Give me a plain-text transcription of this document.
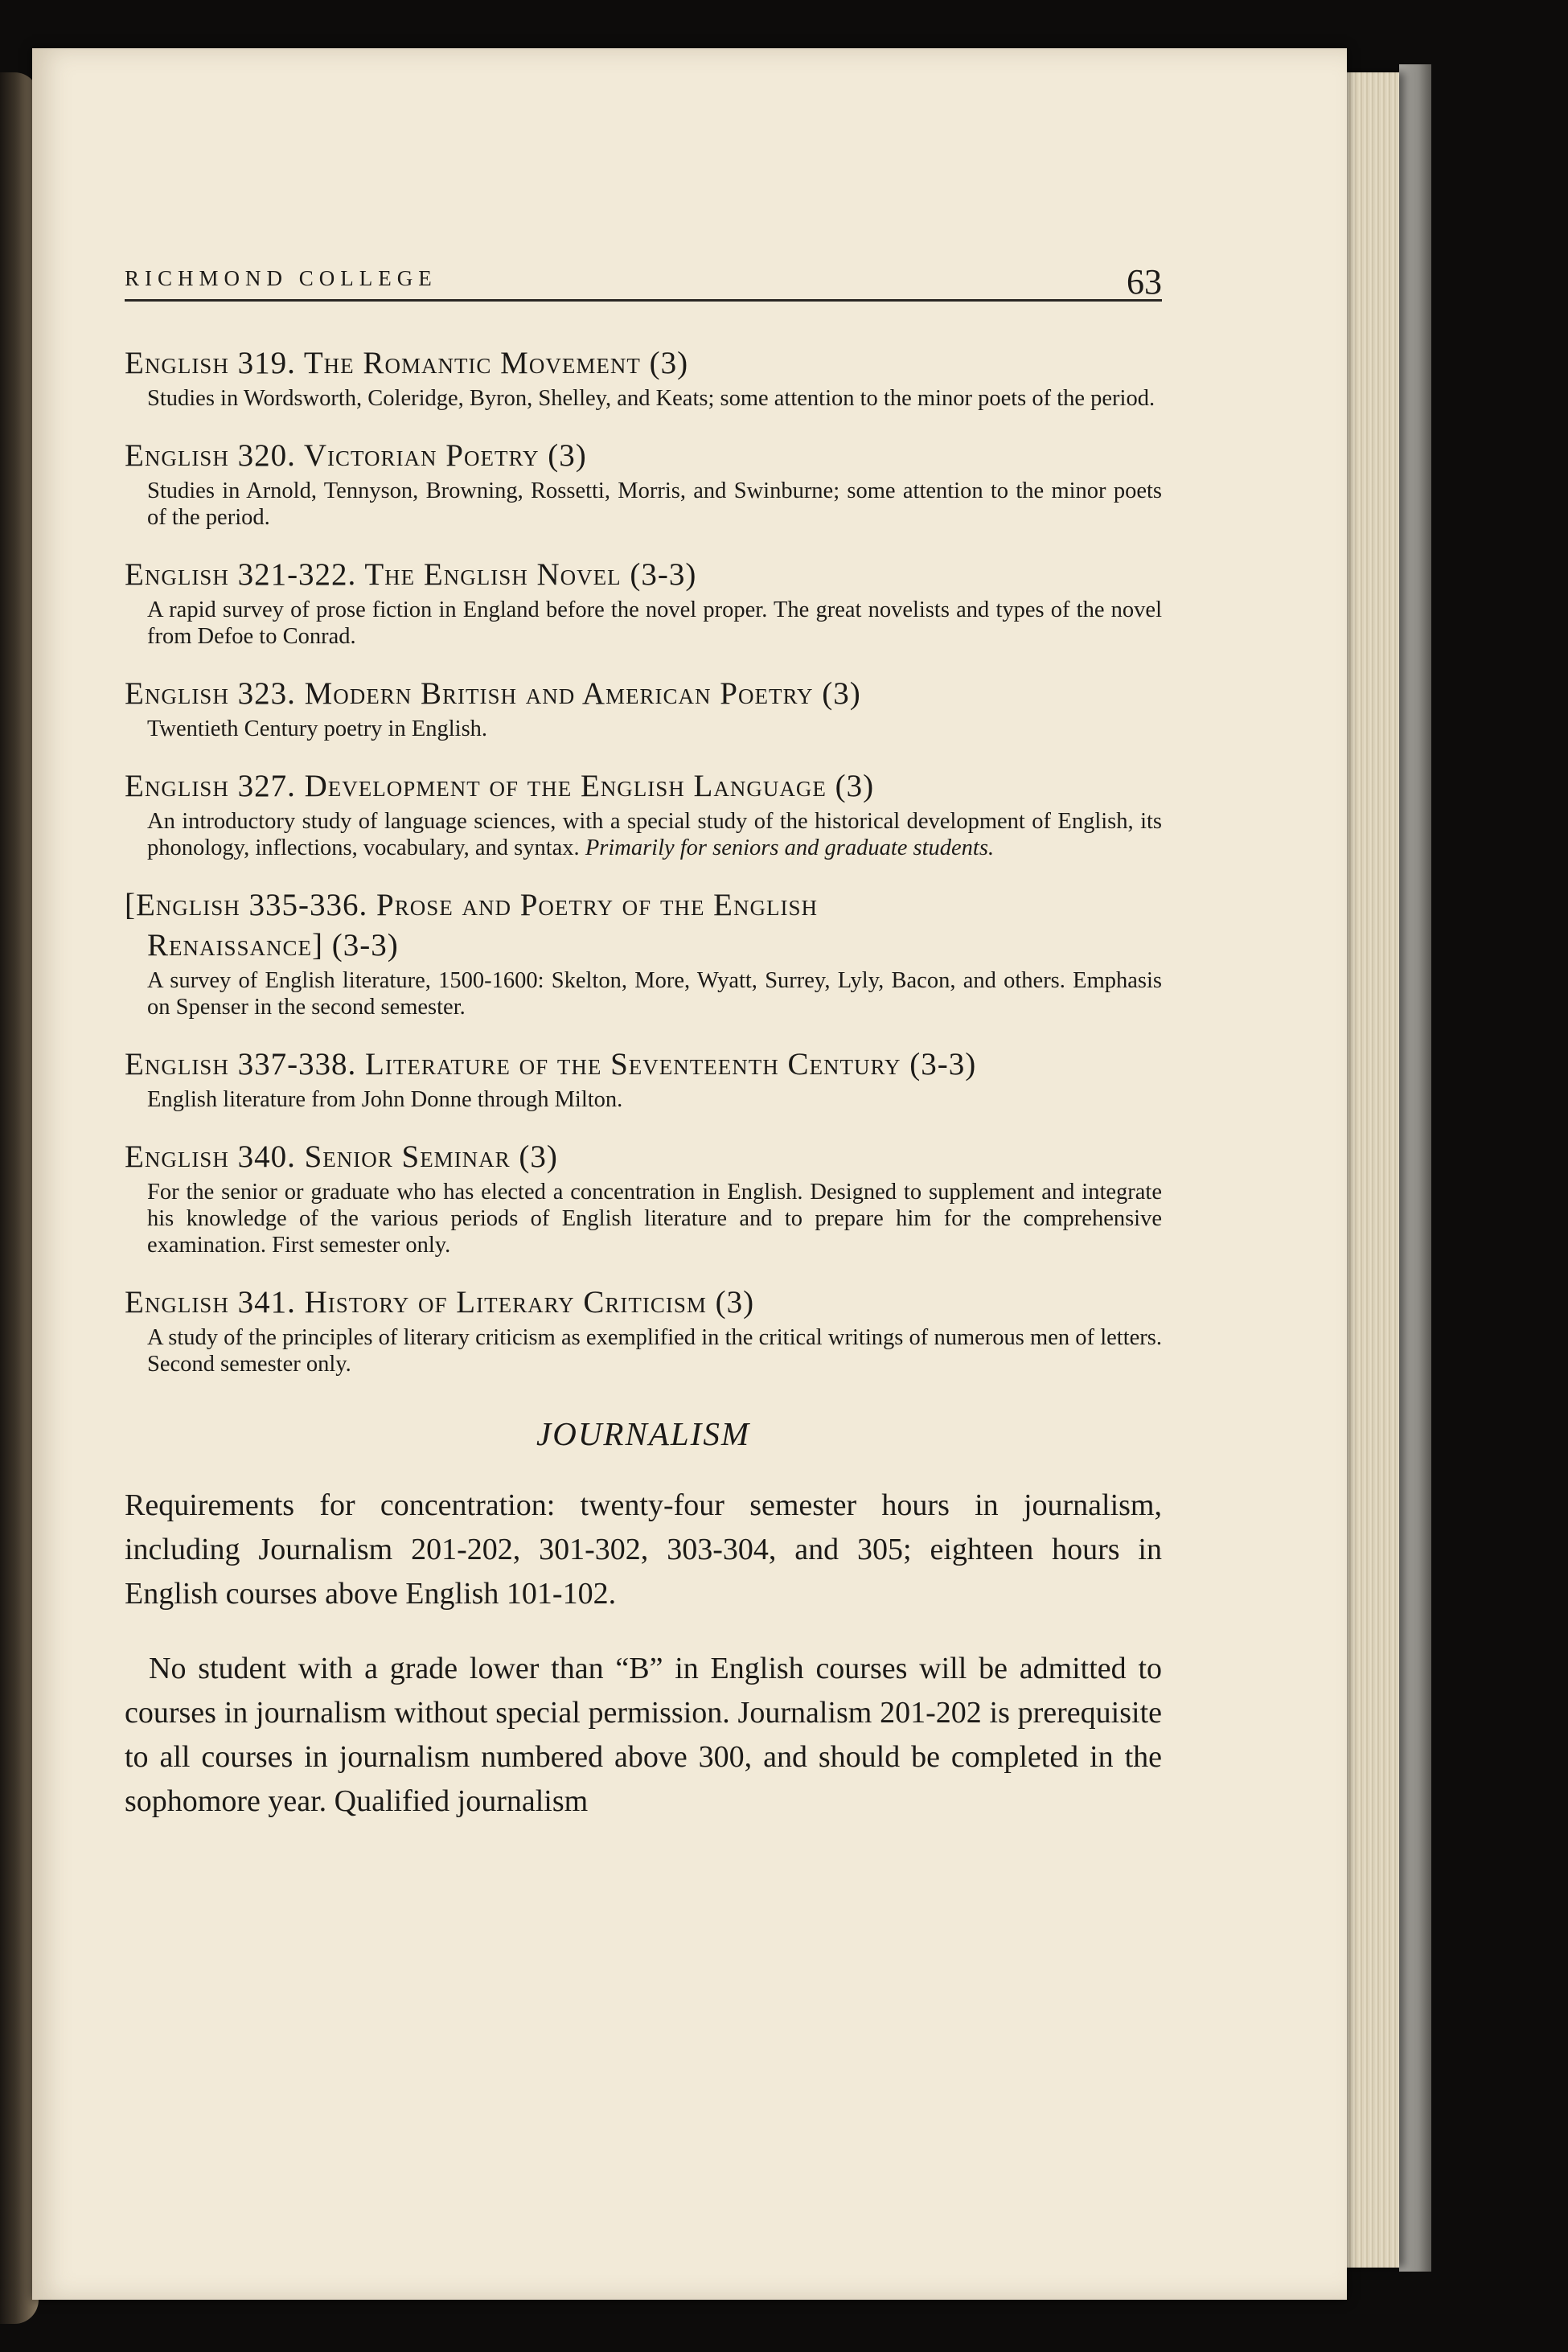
RICHMOND COLLEGE	63
English 319. The Romantic Movement (3)
Studies in Wordsworth, Coleridge, Byron, Shelley, and Keats; some attention to the minor poets of the period.
English 320. Victorian Poetry (3)
Studies in Arnold, Tennyson, Browning, Rossetti, Morris, and Swinburne; some attention to the minor poets of the period.
English 321-322. The English Novel (3-3)
A rapid survey of prose fiction in England before the novel proper. The great novelists and types of the novel from Defoe to Conrad.
English 323. Modern British and American Poetry (3)
Twentieth Century poetry in English.
English 327. Development of the English Language (3)
An introductory study of language sciences, with a special study of the historical development of English, its phonology, inflections, vocabulary, and syntax. Primarily for seniors and graduate students.
[English 335-336. Prose and Poetry of the English
Renaissance] (3-3)
A survey of English literature, 1500-1600: Skelton, More, Wyatt, Surrey, Lyly, Bacon, and others. Emphasis on Spenser in the second semester.
English 337-338. Literature of the Seventeenth Century (3-3)
English literature from John Donne through Milton.
English 340. Senior Seminar (3)
For the senior or graduate who has elected a concentration in English. Designed to supplement and integrate his knowledge of the various periods of English literature and to prepare him for the comprehensive examination. First semester only.
English 341. History of Literary Criticism (3)
A study of the principles of literary criticism as exemplified in the critical writings of numerous men of letters. Second semester only.
JOURNALISM

Requirements for concentration: twenty-four semester hours in journalism, including Journalism 201-202, 301-302, 303-304, and 305; eighteen hours in English courses above English 101-102.

No student with a grade lower than “B” in English courses will be admitted to courses in journalism without special permission. Journalism 201-202 is prerequisite to all courses in journalism numbered above 300, and should be completed in the sophomore year. Qualified journalism
